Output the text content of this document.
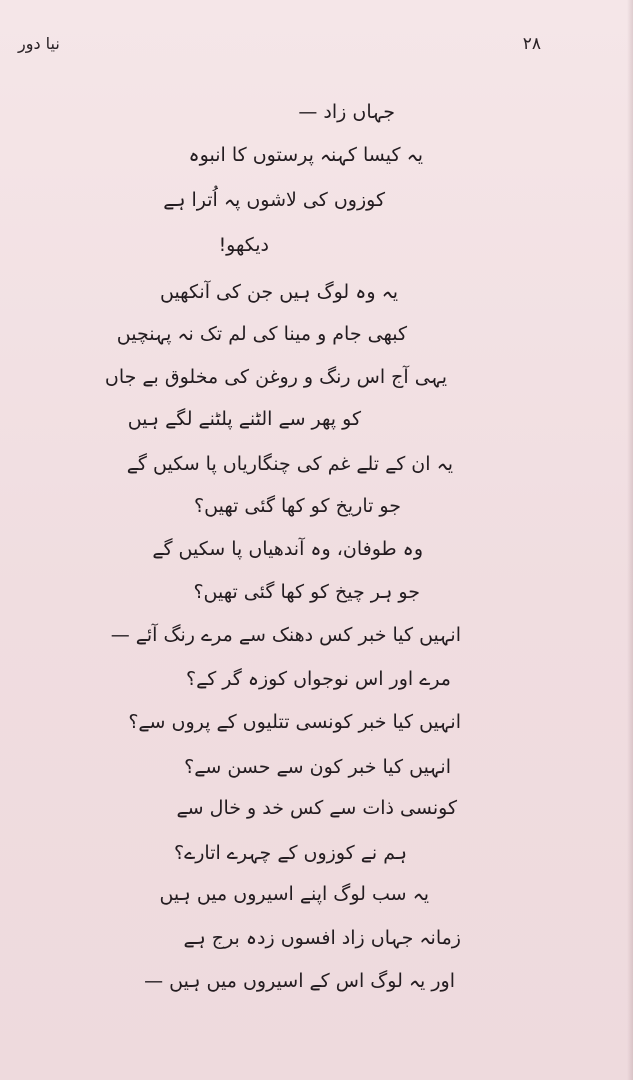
نیا دور	۲۸
جہاں زاد —
یہ کیسا کہنہ پرستوں کا انبوہ
کوزوں کی لاشوں پہ اُترا ہے
دیکھو!
یہ وہ لوگ ہیں جن کی آنکھیں
کبھی جام و مینا کی لم تک نہ پہنچیں
یہی آج اس رنگ و روغن کی مخلوق بے جاں
کو پھر سے الٹنے پلٹنے لگے ہیں
یہ ان کے تلے غم کی چنگاریاں پا سکیں گے
جو تاریخ کو کھا گئی تھیں؟
وہ طوفان، وہ آندھیاں پا سکیں گے
جو ہر چیخ کو کھا گئی تھیں؟
انہیں کیا خبر کس دھنک سے مرے رنگ آئے —
مرے اور اس نوجواں کوزہ گر کے؟
انہیں کیا خبر کونسی تتلیوں کے پروں سے؟
انہیں کیا خبر کون سے حسن سے؟
کونسی ذات سے کس خد و خال سے
ہم نے کوزوں کے چہرے اتارے؟
یہ سب لوگ اپنے اسیروں میں ہیں
زمانہ جہاں زاد افسوں زدہ برج ہے
اور یہ لوگ اس کے اسیروں میں ہیں —
